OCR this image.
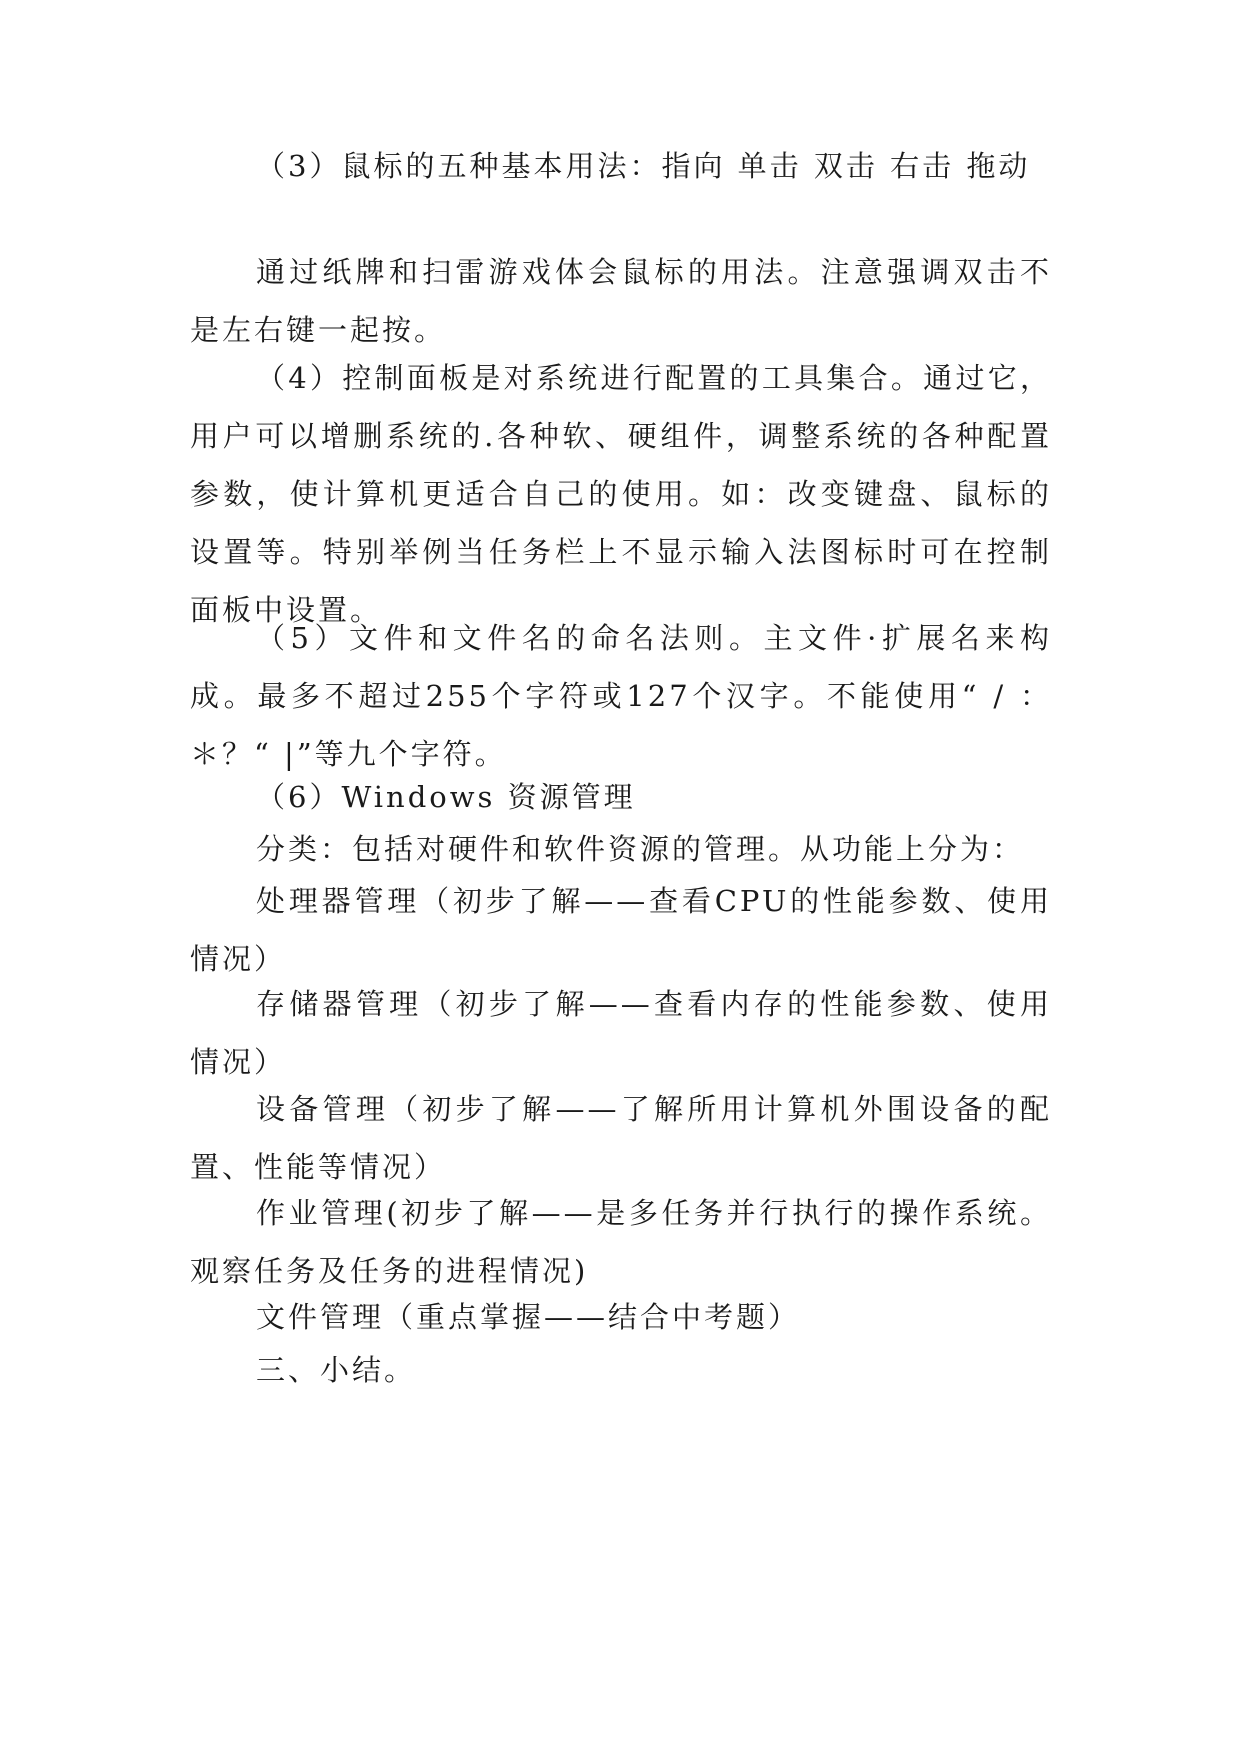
（3）鼠标的五种基本用法：指向 单击 双击 右击 拖动

通过纸牌和扫雷游戏体会鼠标的用法。注意强调双击不是左右键一起按。

（4）控制面板是对系统进行配置的工具集合。通过它，用户可以增删系统的.各种软、硬组件，调整系统的各种配置参数，使计算机更适合自己的使用。如：改变键盘、鼠标的设置等。特别举例当任务栏上不显示输入法图标时可在控制面板中设置。

（5）文件和文件名的命名法则。主文件·扩展名来构成。最多不超过255个字符或127个汉字。不能使用“ / ：＊？“ |”等九个字符。

（6）Windows 资源管理

分类：包括对硬件和软件资源的管理。从功能上分为：

处理器管理（初步了解——查看CPU的性能参数、使用情况）

存储器管理（初步了解——查看内存的性能参数、使用情况）

设备管理（初步了解——了解所用计算机外围设备的配置、性能等情况）

作业管理(初步了解——是多任务并行执行的操作系统。观察任务及任务的进程情况)

文件管理（重点掌握——结合中考题）

三、小结。
